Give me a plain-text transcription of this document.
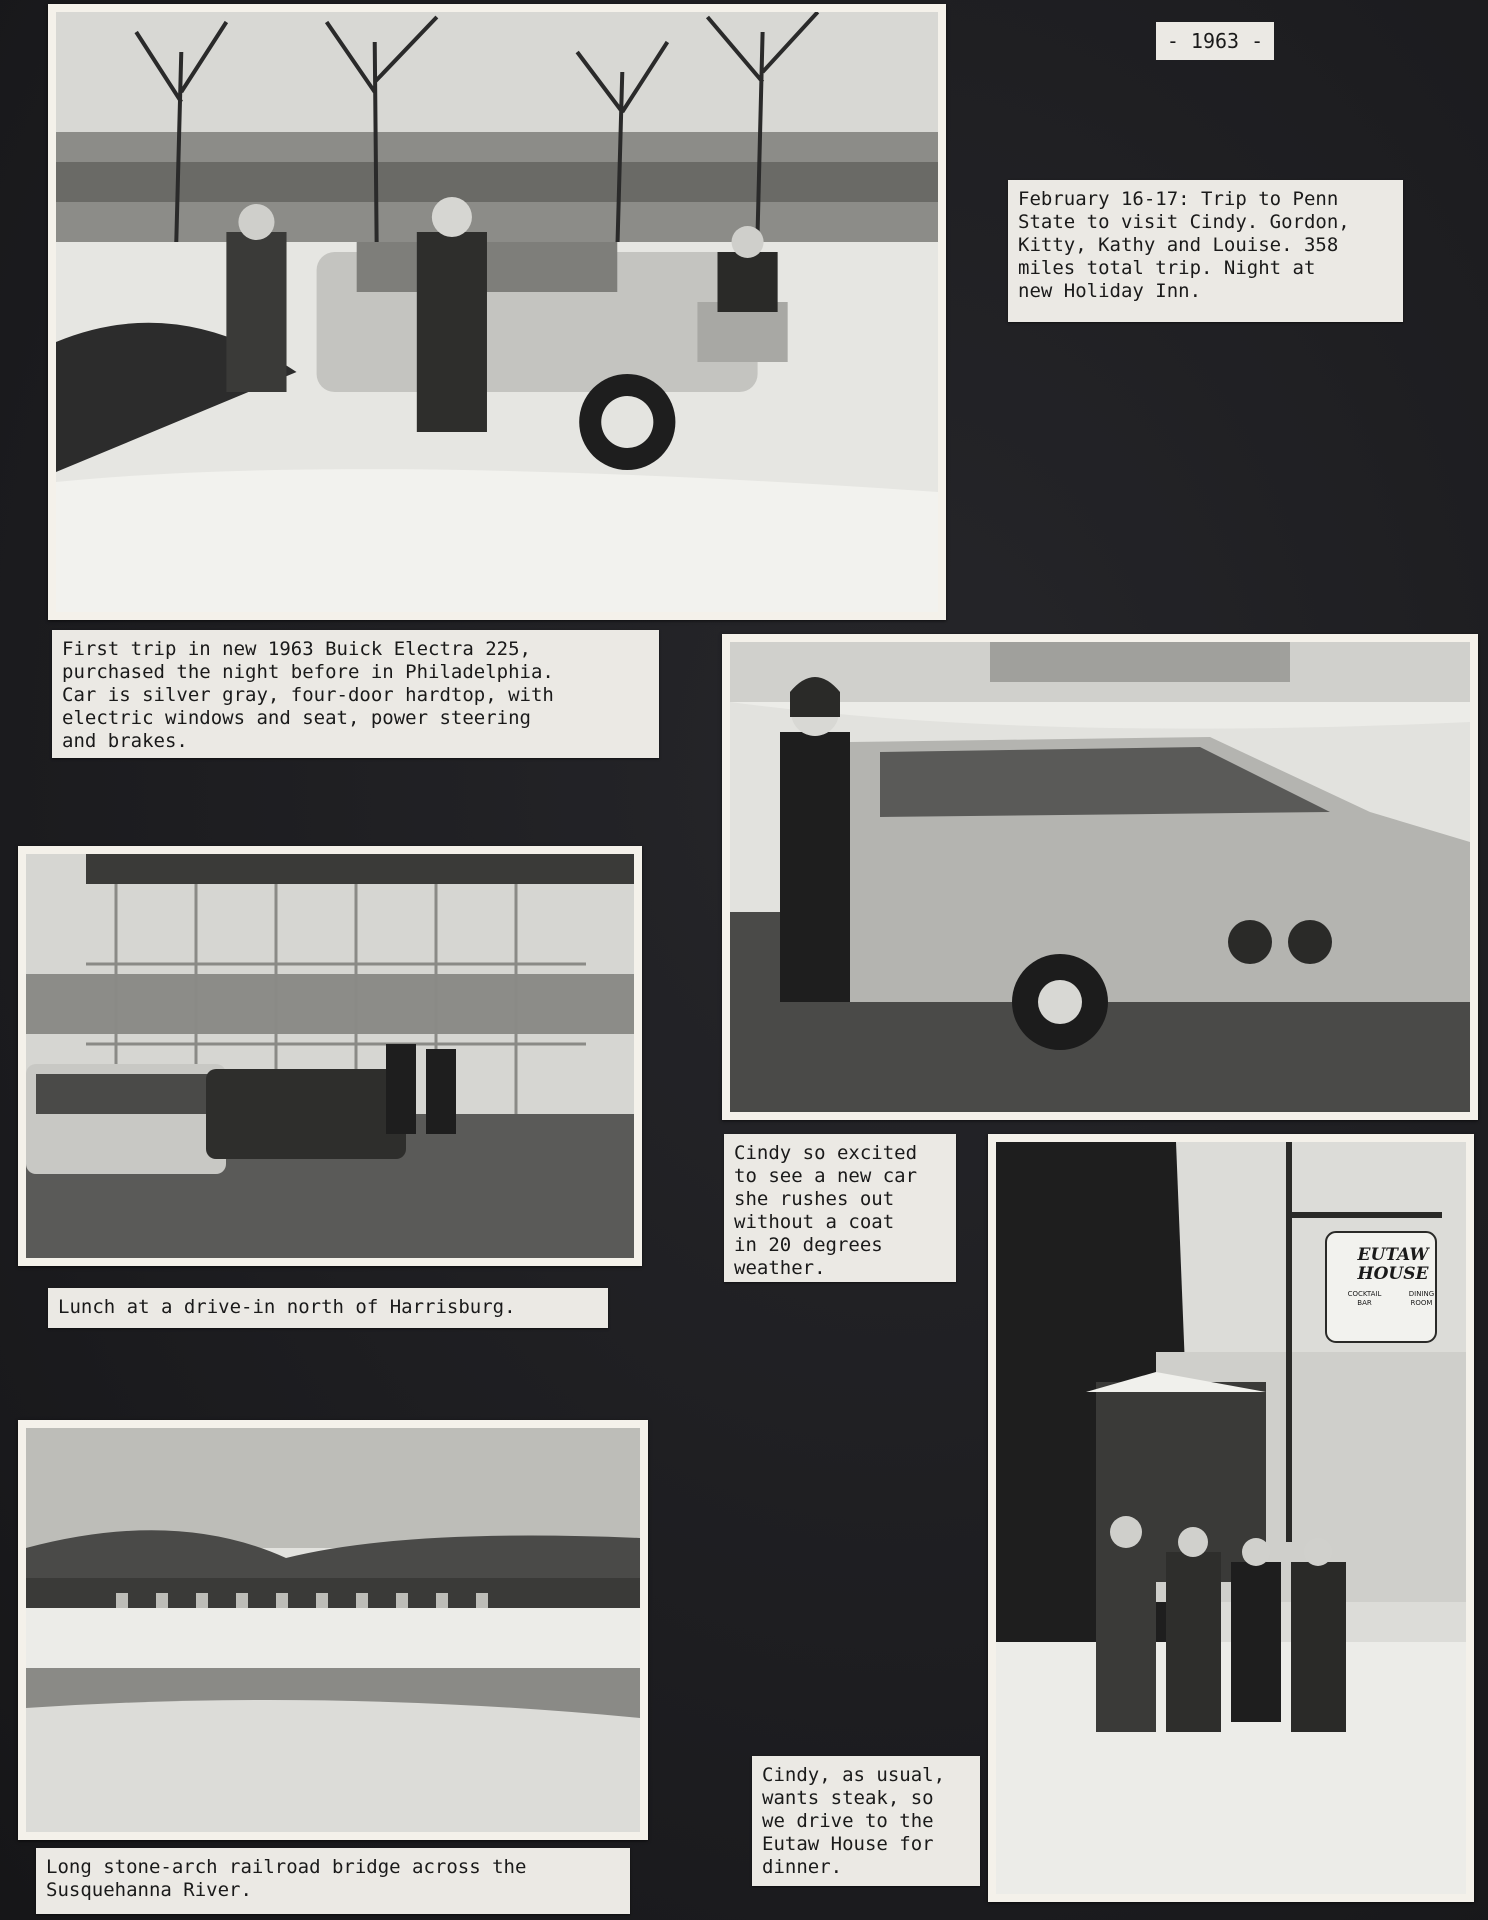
- 1963 -
February 16-17: Trip to Penn
State to visit Cindy. Gordon,
Kitty, Kathy and Louise. 358
miles total trip. Night at
new Holiday Inn.
First trip in new 1963 Buick Electra 225,
purchased the night before in Philadelphia.
Car is silver gray, four-door hardtop, with
electric windows and seat, power steering
and brakes.
Cindy so excited
to see a new car
she rushes out
without a coat
in 20 degrees
weather.
EUTAW
HOUSE
COCKTAIL BAR
DINING ROOM
Lunch at a drive-in north of Harrisburg.
Cindy, as usual,
wants steak, so
we drive to the
Eutaw House for
dinner.
Long stone-arch railroad bridge across the
Susquehanna River.
